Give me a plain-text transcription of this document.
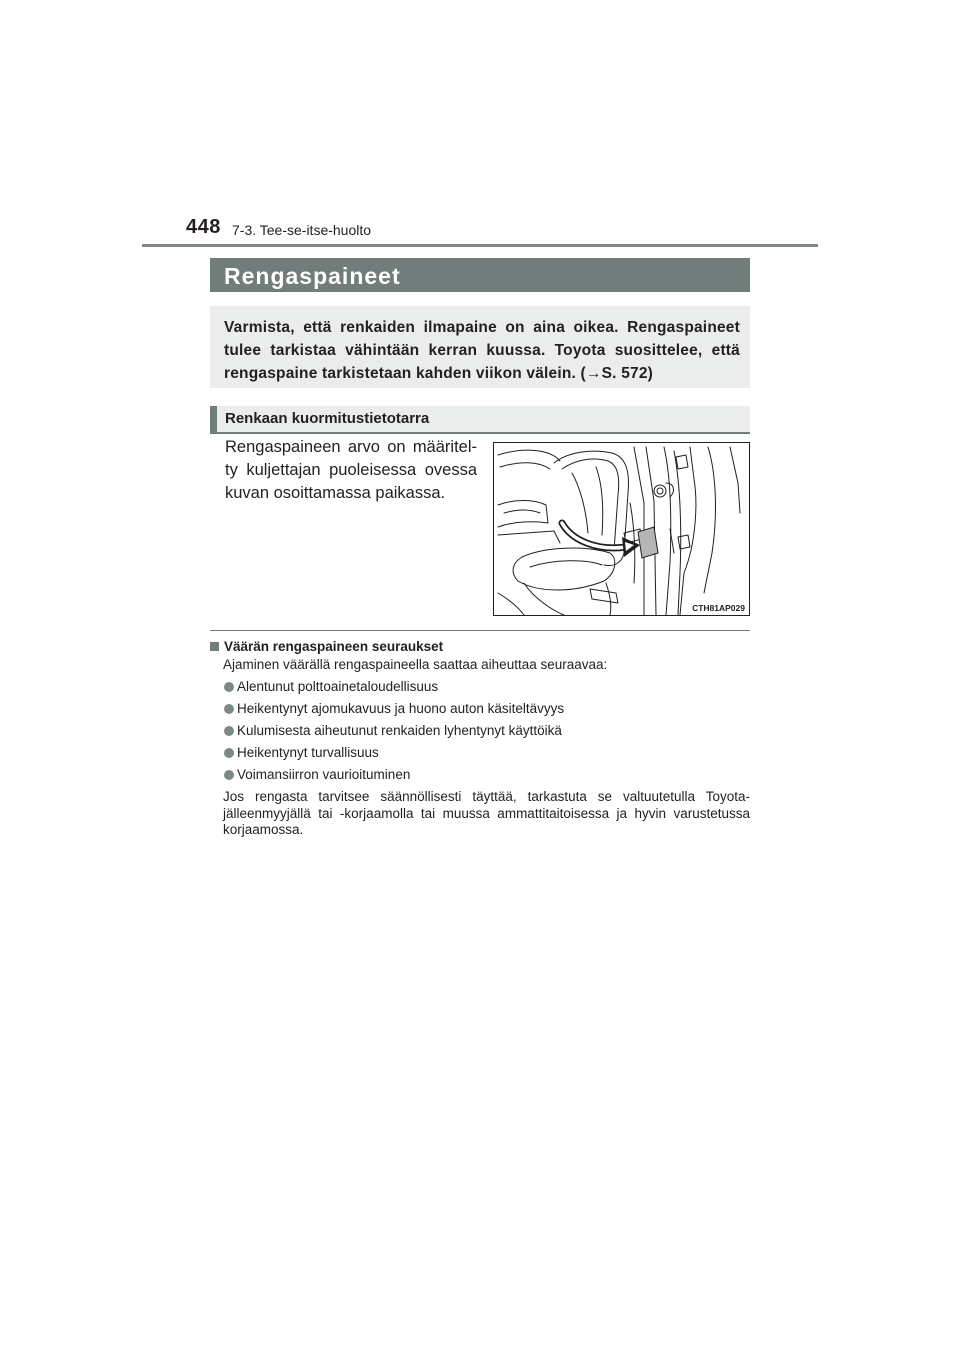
448 7-3. Tee-se-itse-huolto
Rengaspaineet
Varmista, että renkaiden ilmapaine on aina oikea. Rengaspaineet tulee tarkistaa vähintään kerran kuussa. Toyota suosittelee, että rengaspaine tarkistetaan kahden viikon välein. (→S. 572)
Renkaan kuormitustietotarra
Rengaspaineen arvo on määritel-ty kuljettajan puoleisessa ovessa kuvan osoittamassa paikassa.
CTH81AP029
Väärän rengaspaineen seuraukset
Ajaminen väärällä rengaspaineella saattaa aiheuttaa seuraavaa:
Alentunut polttoainetaloudellisuus
Heikentynyt ajomukavuus ja huono auton käsiteltävyys
Kulumisesta aiheutunut renkaiden lyhentynyt käyttöikä
Heikentynyt turvallisuus
Voimansiirron vaurioituminen
Jos rengasta tarvitsee säännöllisesti täyttää, tarkastuta se valtuutetulla Toyota-jälleenmyyjällä tai -korjaamolla tai muussa ammattitaitoisessa ja hyvin varustetussa korjaamossa.
